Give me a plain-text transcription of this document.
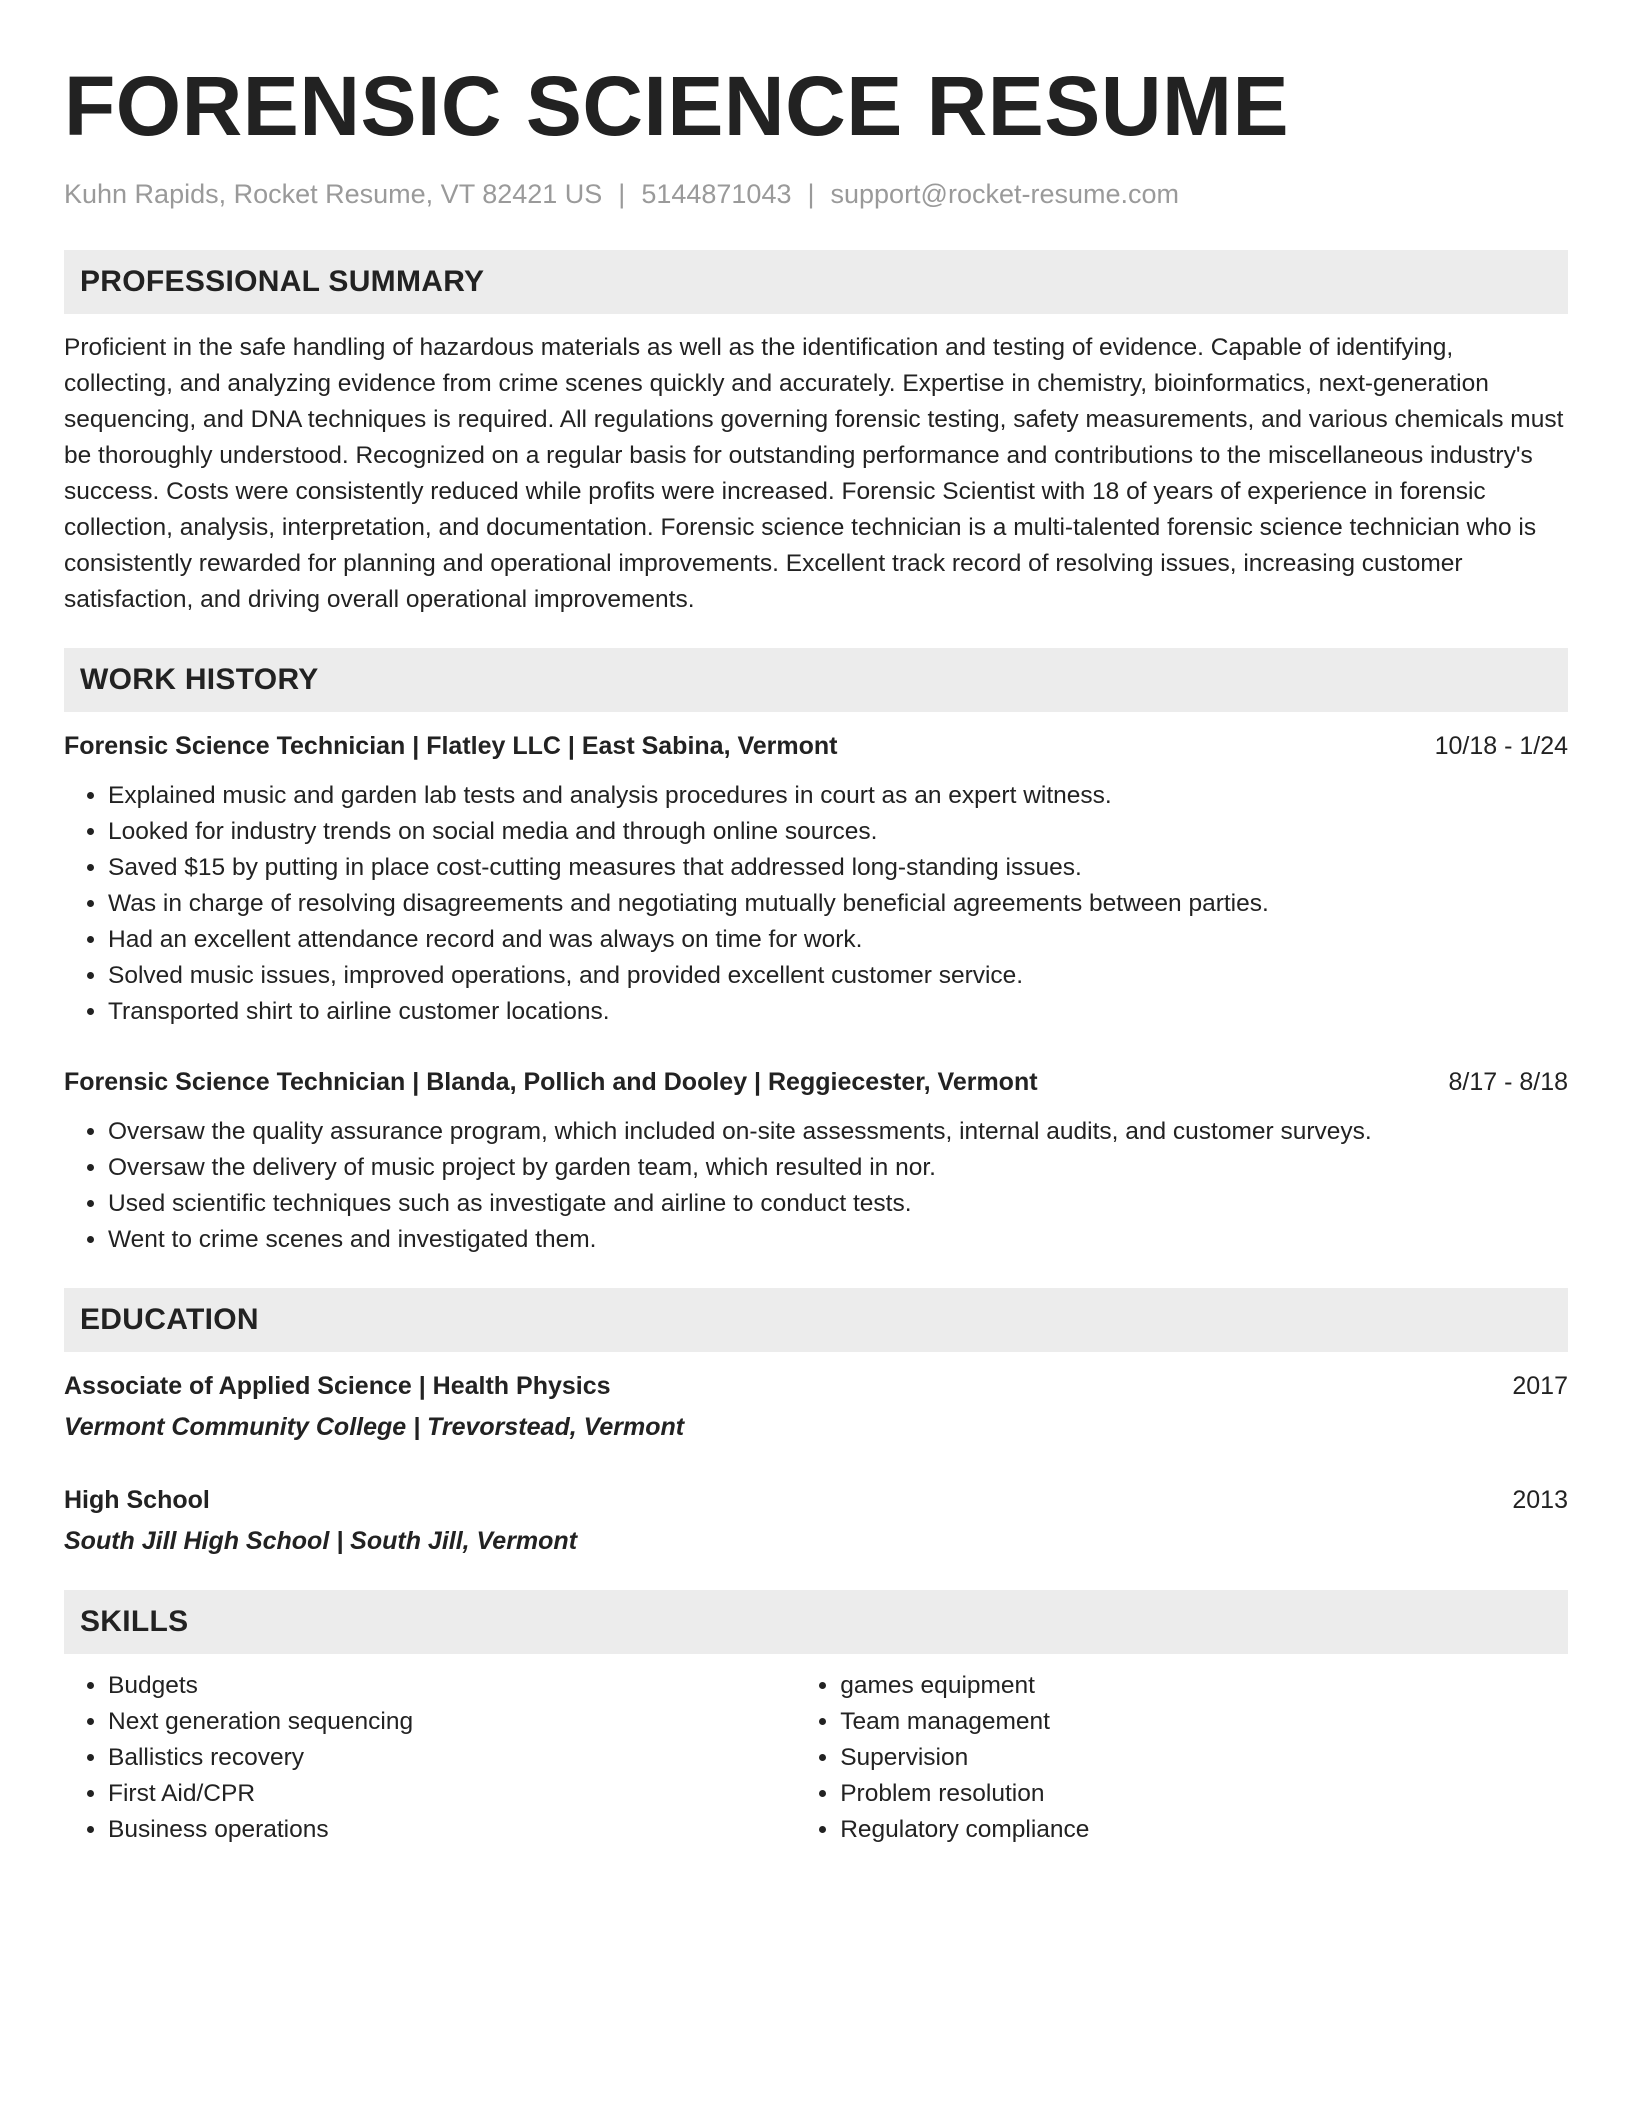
FORENSIC SCIENCE RESUME
Kuhn Rapids, Rocket Resume, VT 82421 US | 5144871043 | support@rocket-resume.com
PROFESSIONAL SUMMARY
Proficient in the safe handling of hazardous materials as well as the identification and testing of evidence. Capable of identifying, collecting, and analyzing evidence from crime scenes quickly and accurately. Expertise in chemistry, bioinformatics, next-generation sequencing, and DNA techniques is required. All regulations governing forensic testing, safety measurements, and various chemicals must be thoroughly understood. Recognized on a regular basis for outstanding performance and contributions to the miscellaneous industry's success. Costs were consistently reduced while profits were increased. Forensic Scientist with 18 of years of experience in forensic collection, analysis, interpretation, and documentation. Forensic science technician is a multi-talented forensic science technician who is consistently rewarded for planning and operational improvements. Excellent track record of resolving issues, increasing customer satisfaction, and driving overall operational improvements.
WORK HISTORY
Forensic Science Technician | Flatley LLC | East Sabina, Vermont	10/18 - 1/24
• Explained music and garden lab tests and analysis procedures in court as an expert witness.
• Looked for industry trends on social media and through online sources.
• Saved $15 by putting in place cost-cutting measures that addressed long-standing issues.
• Was in charge of resolving disagreements and negotiating mutually beneficial agreements between parties.
• Had an excellent attendance record and was always on time for work.
• Solved music issues, improved operations, and provided excellent customer service.
• Transported shirt to airline customer locations.
Forensic Science Technician | Blanda, Pollich and Dooley | Reggiecester, Vermont	8/17 - 8/18
• Oversaw the quality assurance program, which included on-site assessments, internal audits, and customer surveys.
• Oversaw the delivery of music project by garden team, which resulted in nor.
• Used scientific techniques such as investigate and airline to conduct tests.
• Went to crime scenes and investigated them.
EDUCATION
Associate of Applied Science | Health Physics	2017
Vermont Community College | Trevorstead, Vermont
High School	2013
South Jill High School | South Jill, Vermont
SKILLS
• Budgets
• Next generation sequencing
• Ballistics recovery
• First Aid/CPR
• Business operations
• games equipment
• Team management
• Supervision
• Problem resolution
• Regulatory compliance
